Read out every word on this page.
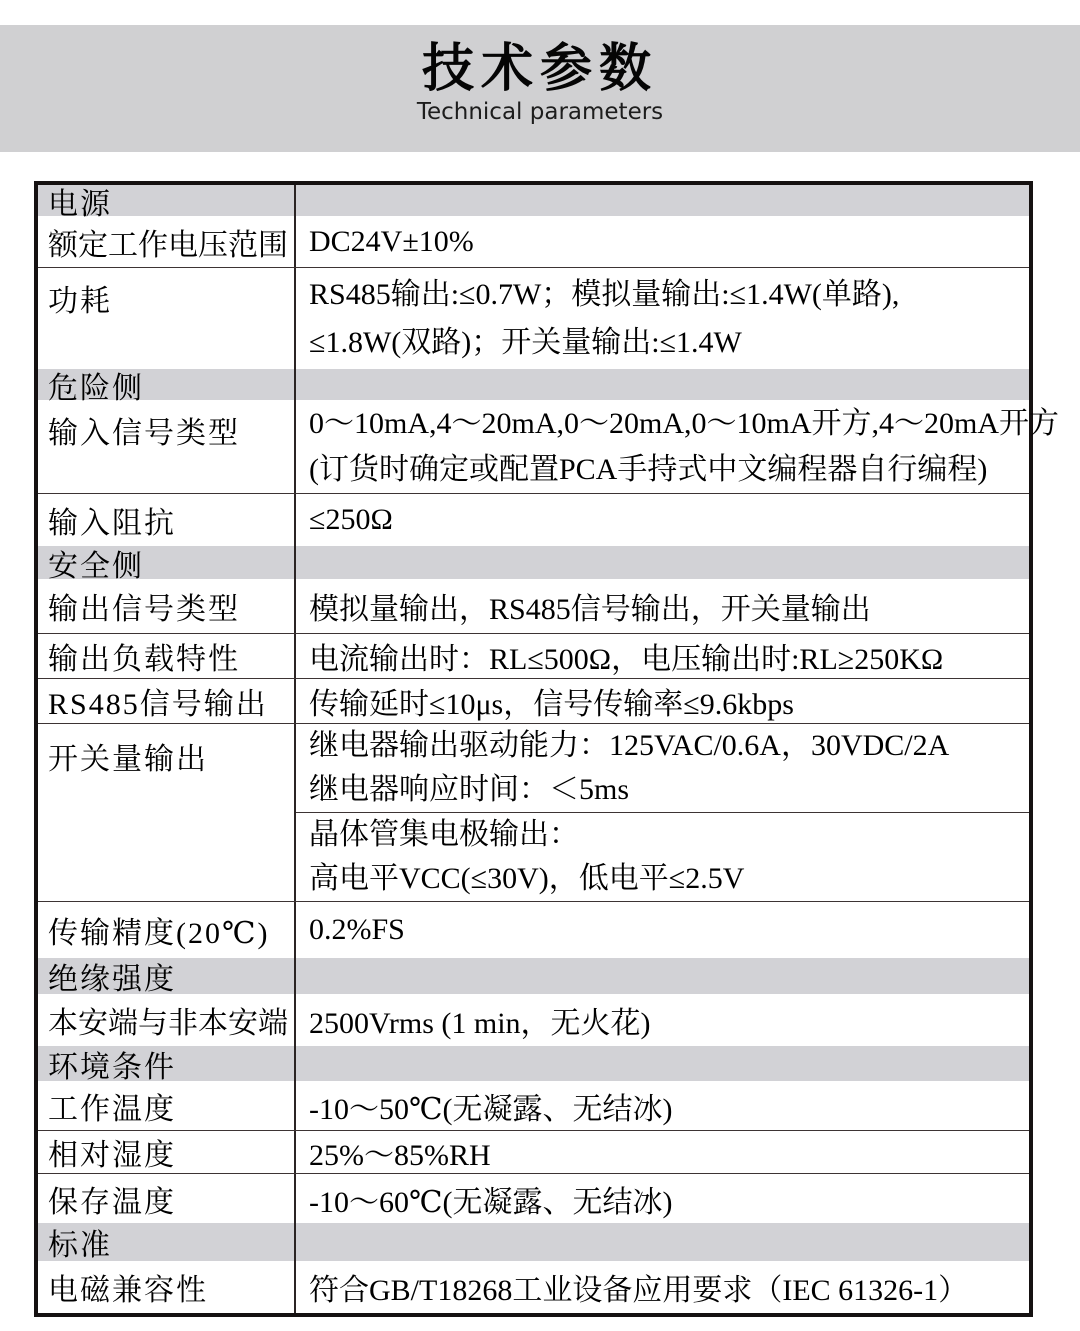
技术参数
Technical parameters
电源
额定工作电压范围 DC24V±10%
功耗	RS485输出:≤0.7W；模拟量输出:≤1.4W(单路),
≤1.8W(双路)；开关量输出:≤1.4W
危险侧
输入信号类型	0～10mA,4～20mA,0～20mA,0～10mA开方,4～20mA开方
(订货时确定或配置PCA手持式中文编程器自行编程)
输入阻抗	≤250Ω
安全侧
输出信号类型	模拟量输出，RS485信号输出，开关量输出
输出负载特性	电流输出时：RL≤500Ω，电压输出时:RL≥250KΩ
RS485信号输出	传输延时≤10μs，信号传输率≤9.6kbps
开关量输出	继电器输出驱动能力：125VAC/0.6A，30VDC/2A
继电器响应时间：＜5ms
晶体管集电极输出：
高电平VCC(≤30V)，低电平≤2.5V
传输精度(20℃)	0.2%FS
绝缘强度
本安端与非本安端 2500Vrms (1 min，无火花)
环境条件
工作温度	-10～50℃(无凝露、无结冰)
相对湿度	25%～85%RH
保存温度	-10～60℃(无凝露、无结冰)
标准
电磁兼容性	符合GB/T18268工业设备应用要求（IEC 61326-1）
